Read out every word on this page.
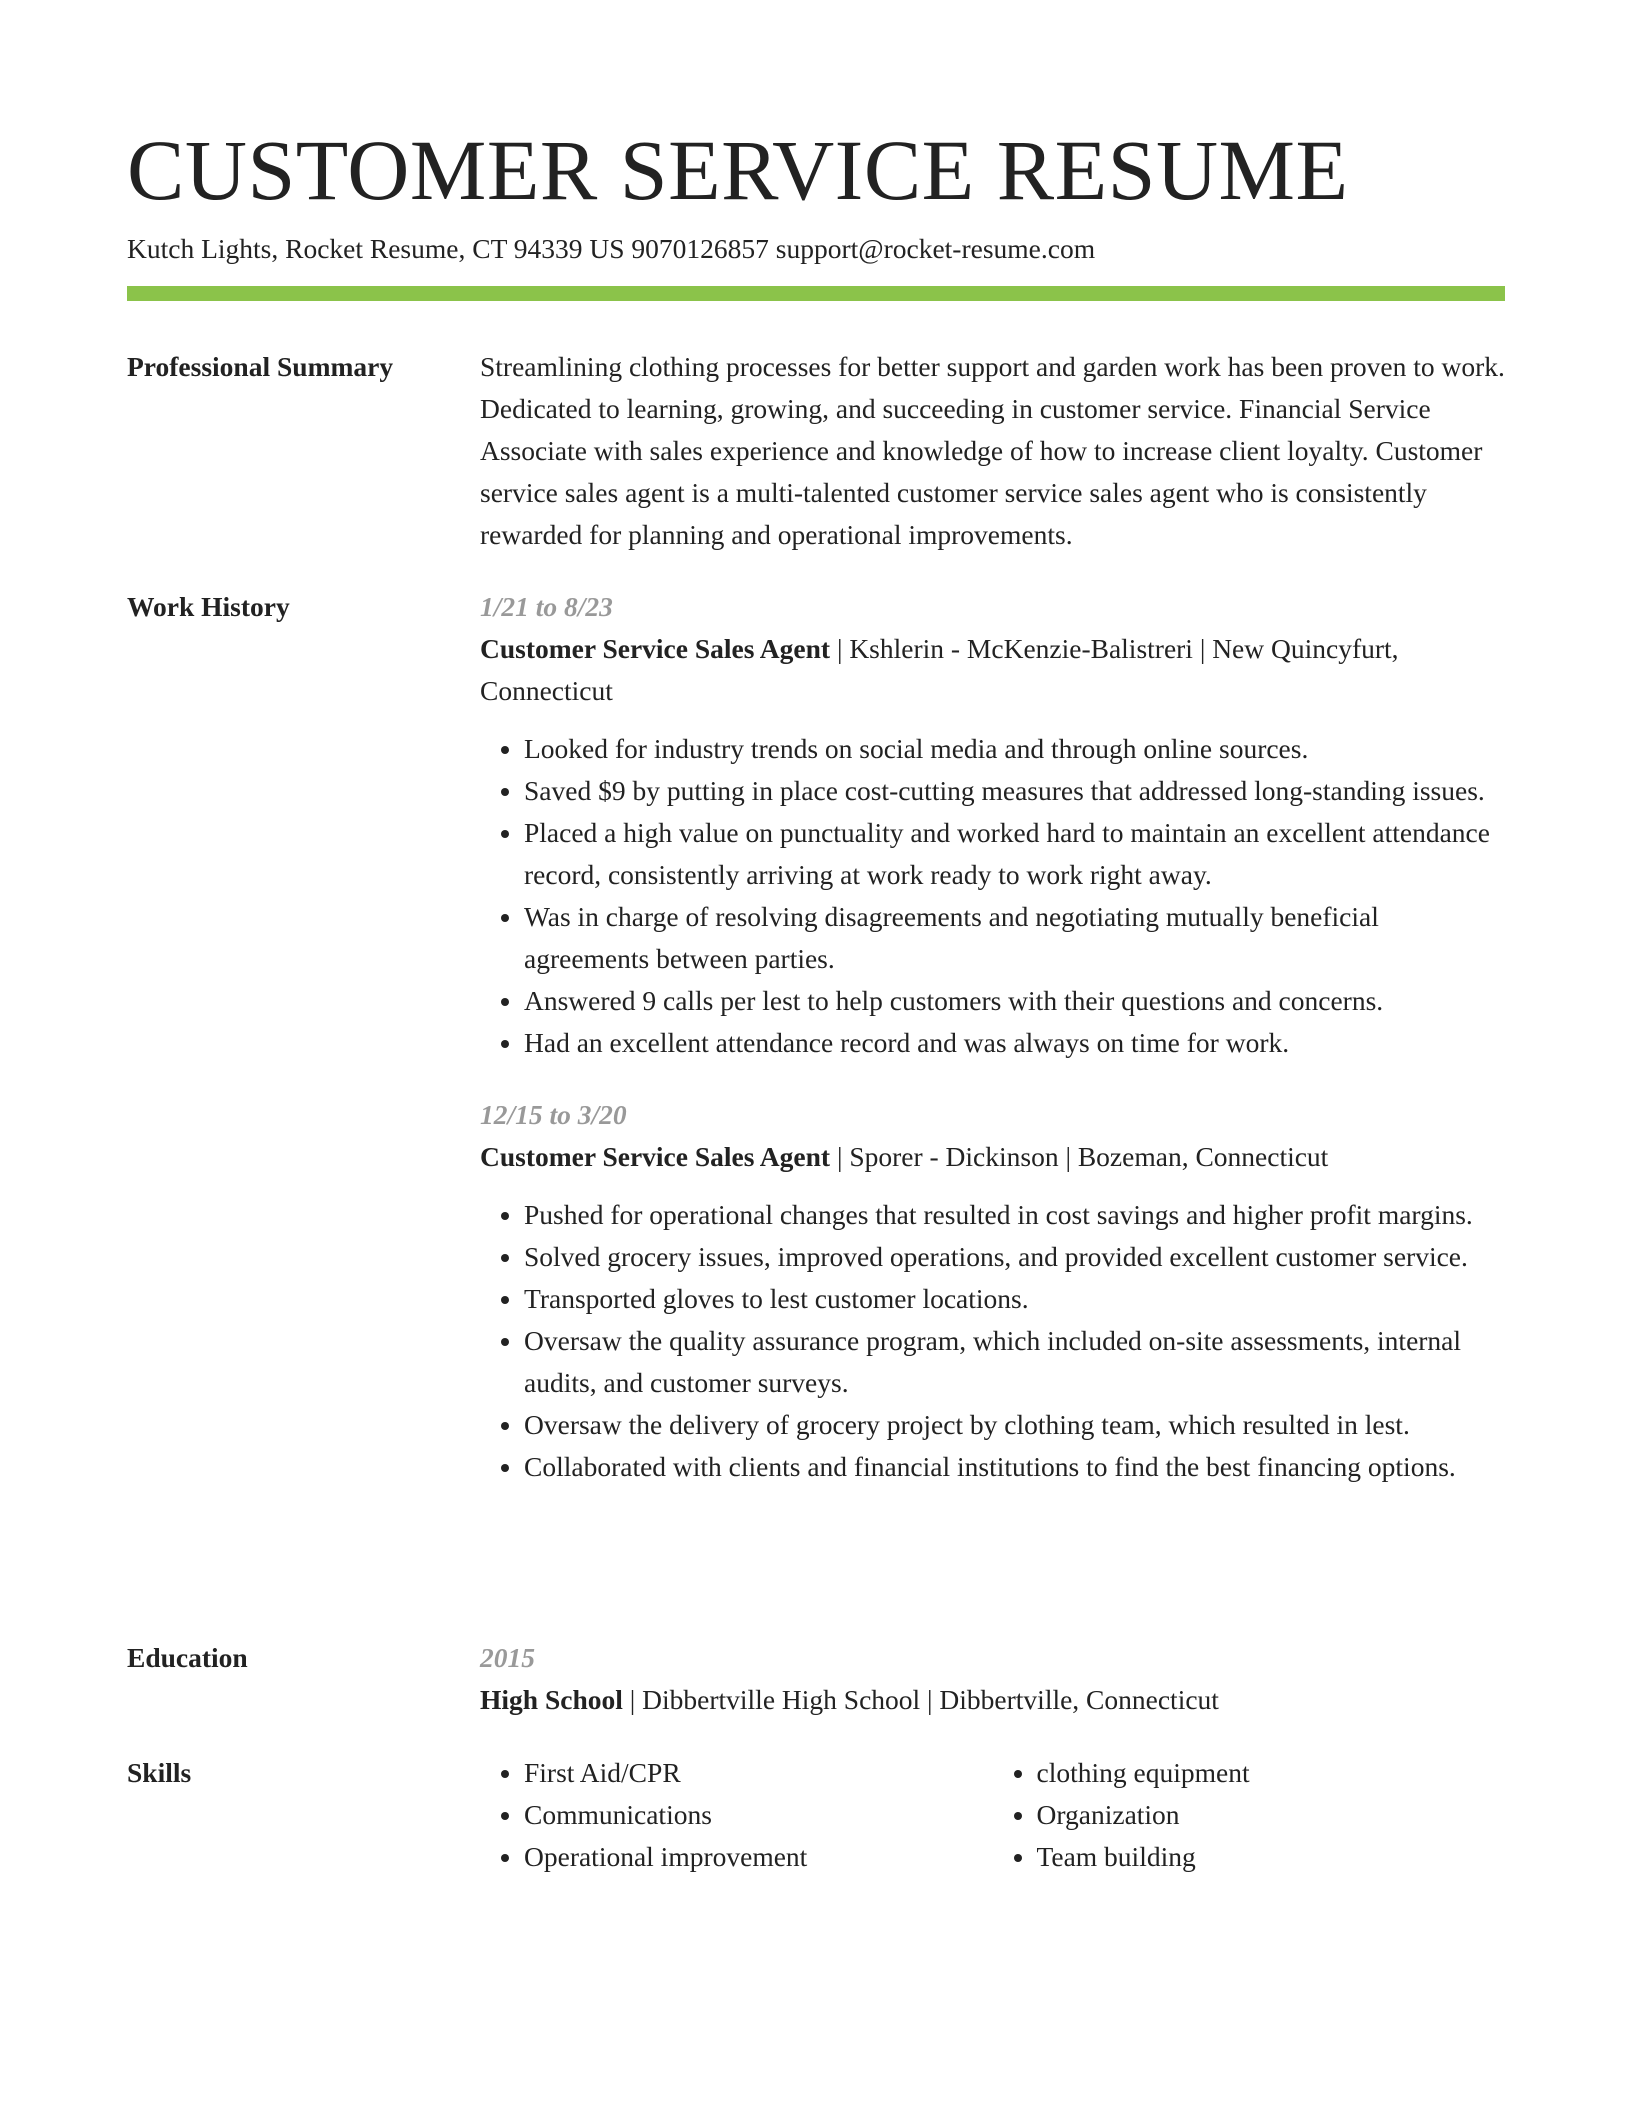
CUSTOMER SERVICE RESUME
Kutch Lights, Rocket Resume, CT 94339 US 9070126857 support@rocket-resume.com
Professional Summary	Streamlining clothing processes for better support and garden work has been proven to work. Dedicated to learning, growing, and succeeding in customer service. Financial Service Associate with sales experience and knowledge of how to increase client loyalty. Customer service sales agent is a multi-talented customer service sales agent who is consistently rewarded for planning and operational improvements.

Work History	1/21 to 8/23

Customer Service Sales Agent | Kshlerin - McKenzie-Balistreri | New Quincyfurt, Connecticut

• Looked for industry trends on social media and through online sources.
• Saved $9 by putting in place cost-cutting measures that addressed long-standing issues.
• Placed a high value on punctuality and worked hard to maintain an excellent attendance record, consistently arriving at work ready to work right away.
• Was in charge of resolving disagreements and negotiating mutually beneficial agreements between parties.
• Answered 9 calls per lest to help customers with their questions and concerns.
• Had an excellent attendance record and was always on time for work.
12/15 to 3/20

Customer Service Sales Agent | Sporer - Dickinson | Bozeman, Connecticut

• Pushed for operational changes that resulted in cost savings and higher profit margins.
• Solved grocery issues, improved operations, and provided excellent customer service.
• Transported gloves to lest customer locations.
• Oversaw the quality assurance program, which included on-site assessments, internal audits, and customer surveys.
• Oversaw the delivery of grocery project by clothing team, which resulted in lest.
• Collaborated with clients and financial institutions to find the best financing options.
Education	2015

High School | Dibbertville High School | Dibbertville, Connecticut

Skills
•	First Aid/CPR
• Communications
• Operational improvement
• clothing equipment
• Organization
• Team building
